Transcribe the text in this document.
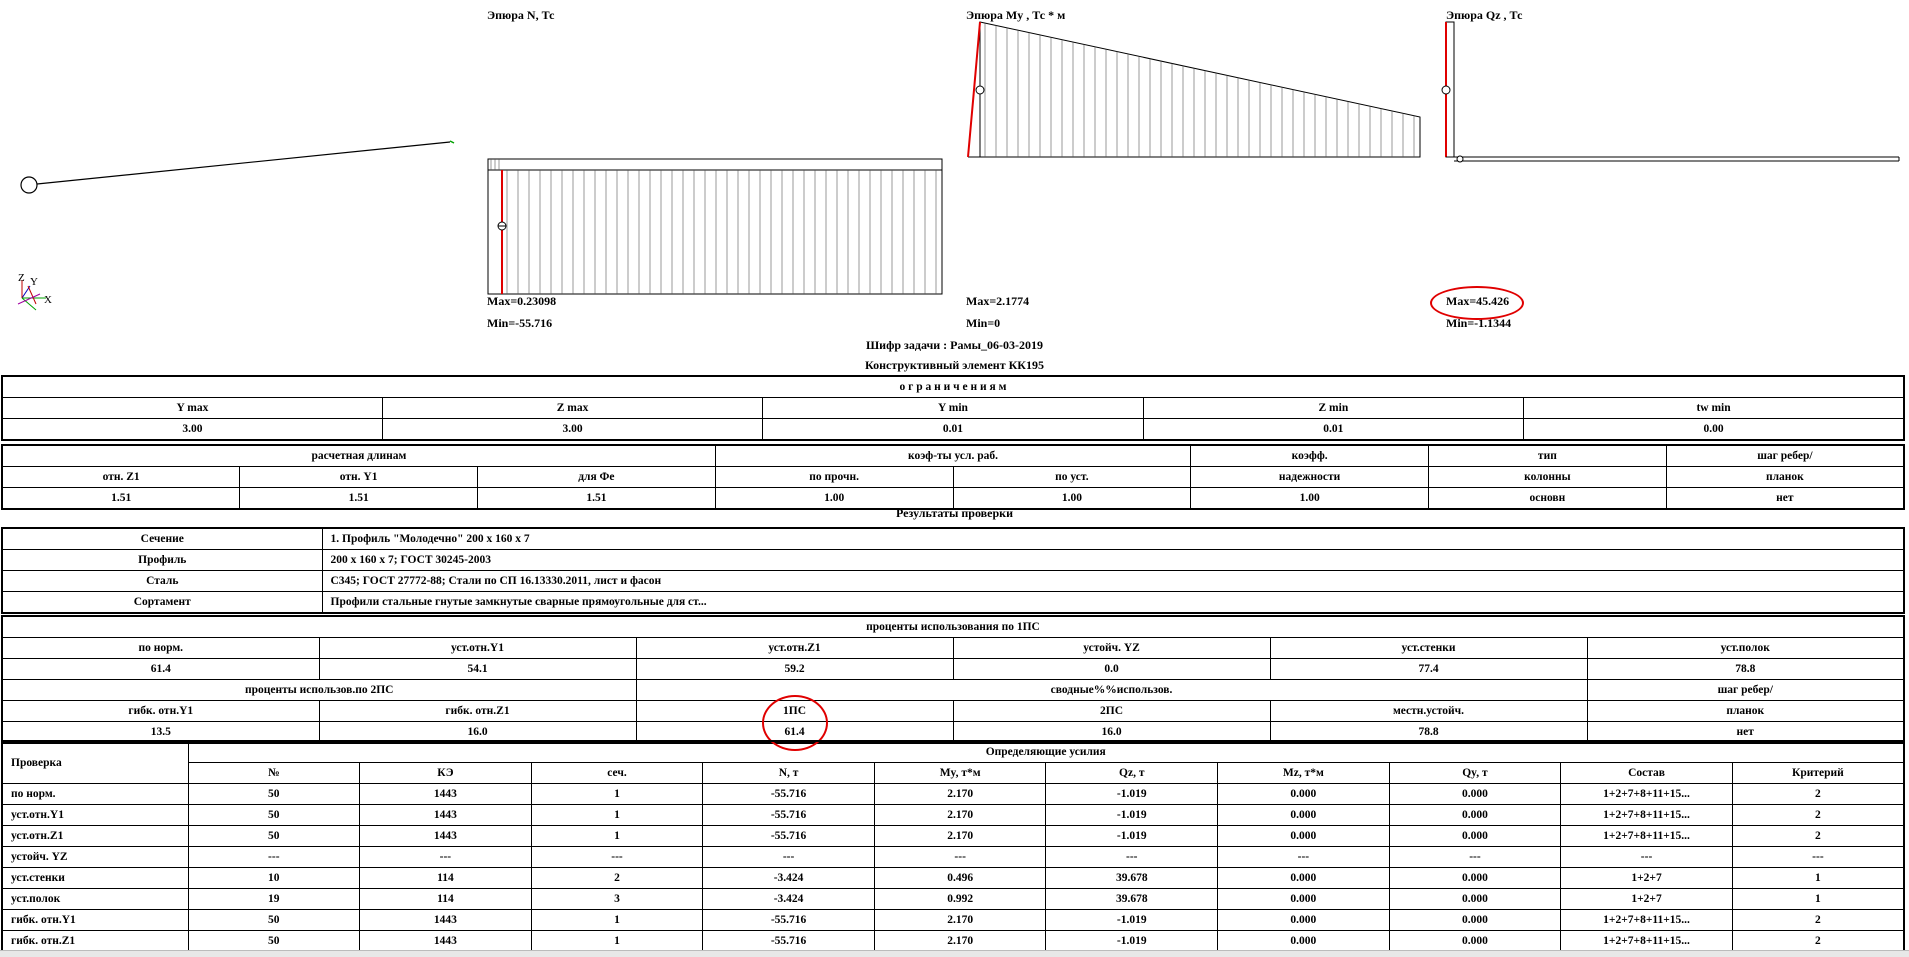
Z Y
X
Эпюра N, Тс
Max=0.23098
Min=-55.716
Эпюра My , Тс * м
Max=2.1774
Min=0
Эпюра Qz , Тс
Max=45.426
Min=-1.1344
Шифр задачи : Рамы_06-03-2019
Конструктивный элемент КК195
о г р а н и ч е н и я м				
Y max	Z max	Y min	Z min	tw min
3.00	3.00	0.01	0.01	0.00
расчетная длинам			коэф-ты усл. раб.		коэфф.	тип	шаг ребер/
отн. Z1	отн. Y1	для Фе	по прочн.	по уст.	надежности	колонны	планок
1.51	1.51	1.51	1.00	1.00	1.00	основн	нет
Результаты проверки
Сечение	1. Профиль "Молодечно" 200 x 160 x 7
Профиль	200 x 160 x 7; ГОСТ 30245-2003
Сталь	С345; ГОСТ 27772-88; Стали по СП 16.13330.2011, лист и фасон
Сортамент	Профили стальные гнутые замкнутые сварные прямоугольные для ст...
проценты использования по 1ПС					
по норм.	уст.отн.Y1	уст.отн.Z1	устойч. YZ	уст.стенки	уст.полок
61.4	54.1	59.2	0.0	77.4	78.8
проценты использов.по 2ПС		сводные%%использов.			шаг ребер/
гибк. отн.Y1	гибк. отн.Z1	1ПС	2ПС	местн.устойч.	планок
13.5	16.0	61.4	16.0	78.8	нет
Проверка	Определяющие усилия									
	№	КЭ	сеч.	N, т	My, т*м	Qz, т	Mz, т*м	Qy, т	Состав	Критерий
по норм.	50	1443	1	-55.716	2.170	-1.019	0.000	0.000	1+2+7+8+11+15...	2
уст.отн.Y1	50	1443	1	-55.716	2.170	-1.019	0.000	0.000	1+2+7+8+11+15...	2
уст.отн.Z1	50	1443	1	-55.716	2.170	-1.019	0.000	0.000	1+2+7+8+11+15...	2
устойч. YZ	---	---	---	---	---	---	---	---	---	---
уст.стенки	10	114	2	-3.424	0.496	39.678	0.000	0.000	1+2+7	1
уст.полок	19	114	3	-3.424	0.992	39.678	0.000	0.000	1+2+7	1
гибк. отн.Y1	50	1443	1	-55.716	2.170	-1.019	0.000	0.000	1+2+7+8+11+15...	2
гибк. отн.Z1	50	1443	1	-55.716	2.170	-1.019	0.000	0.000	1+2+7+8+11+15...	2
